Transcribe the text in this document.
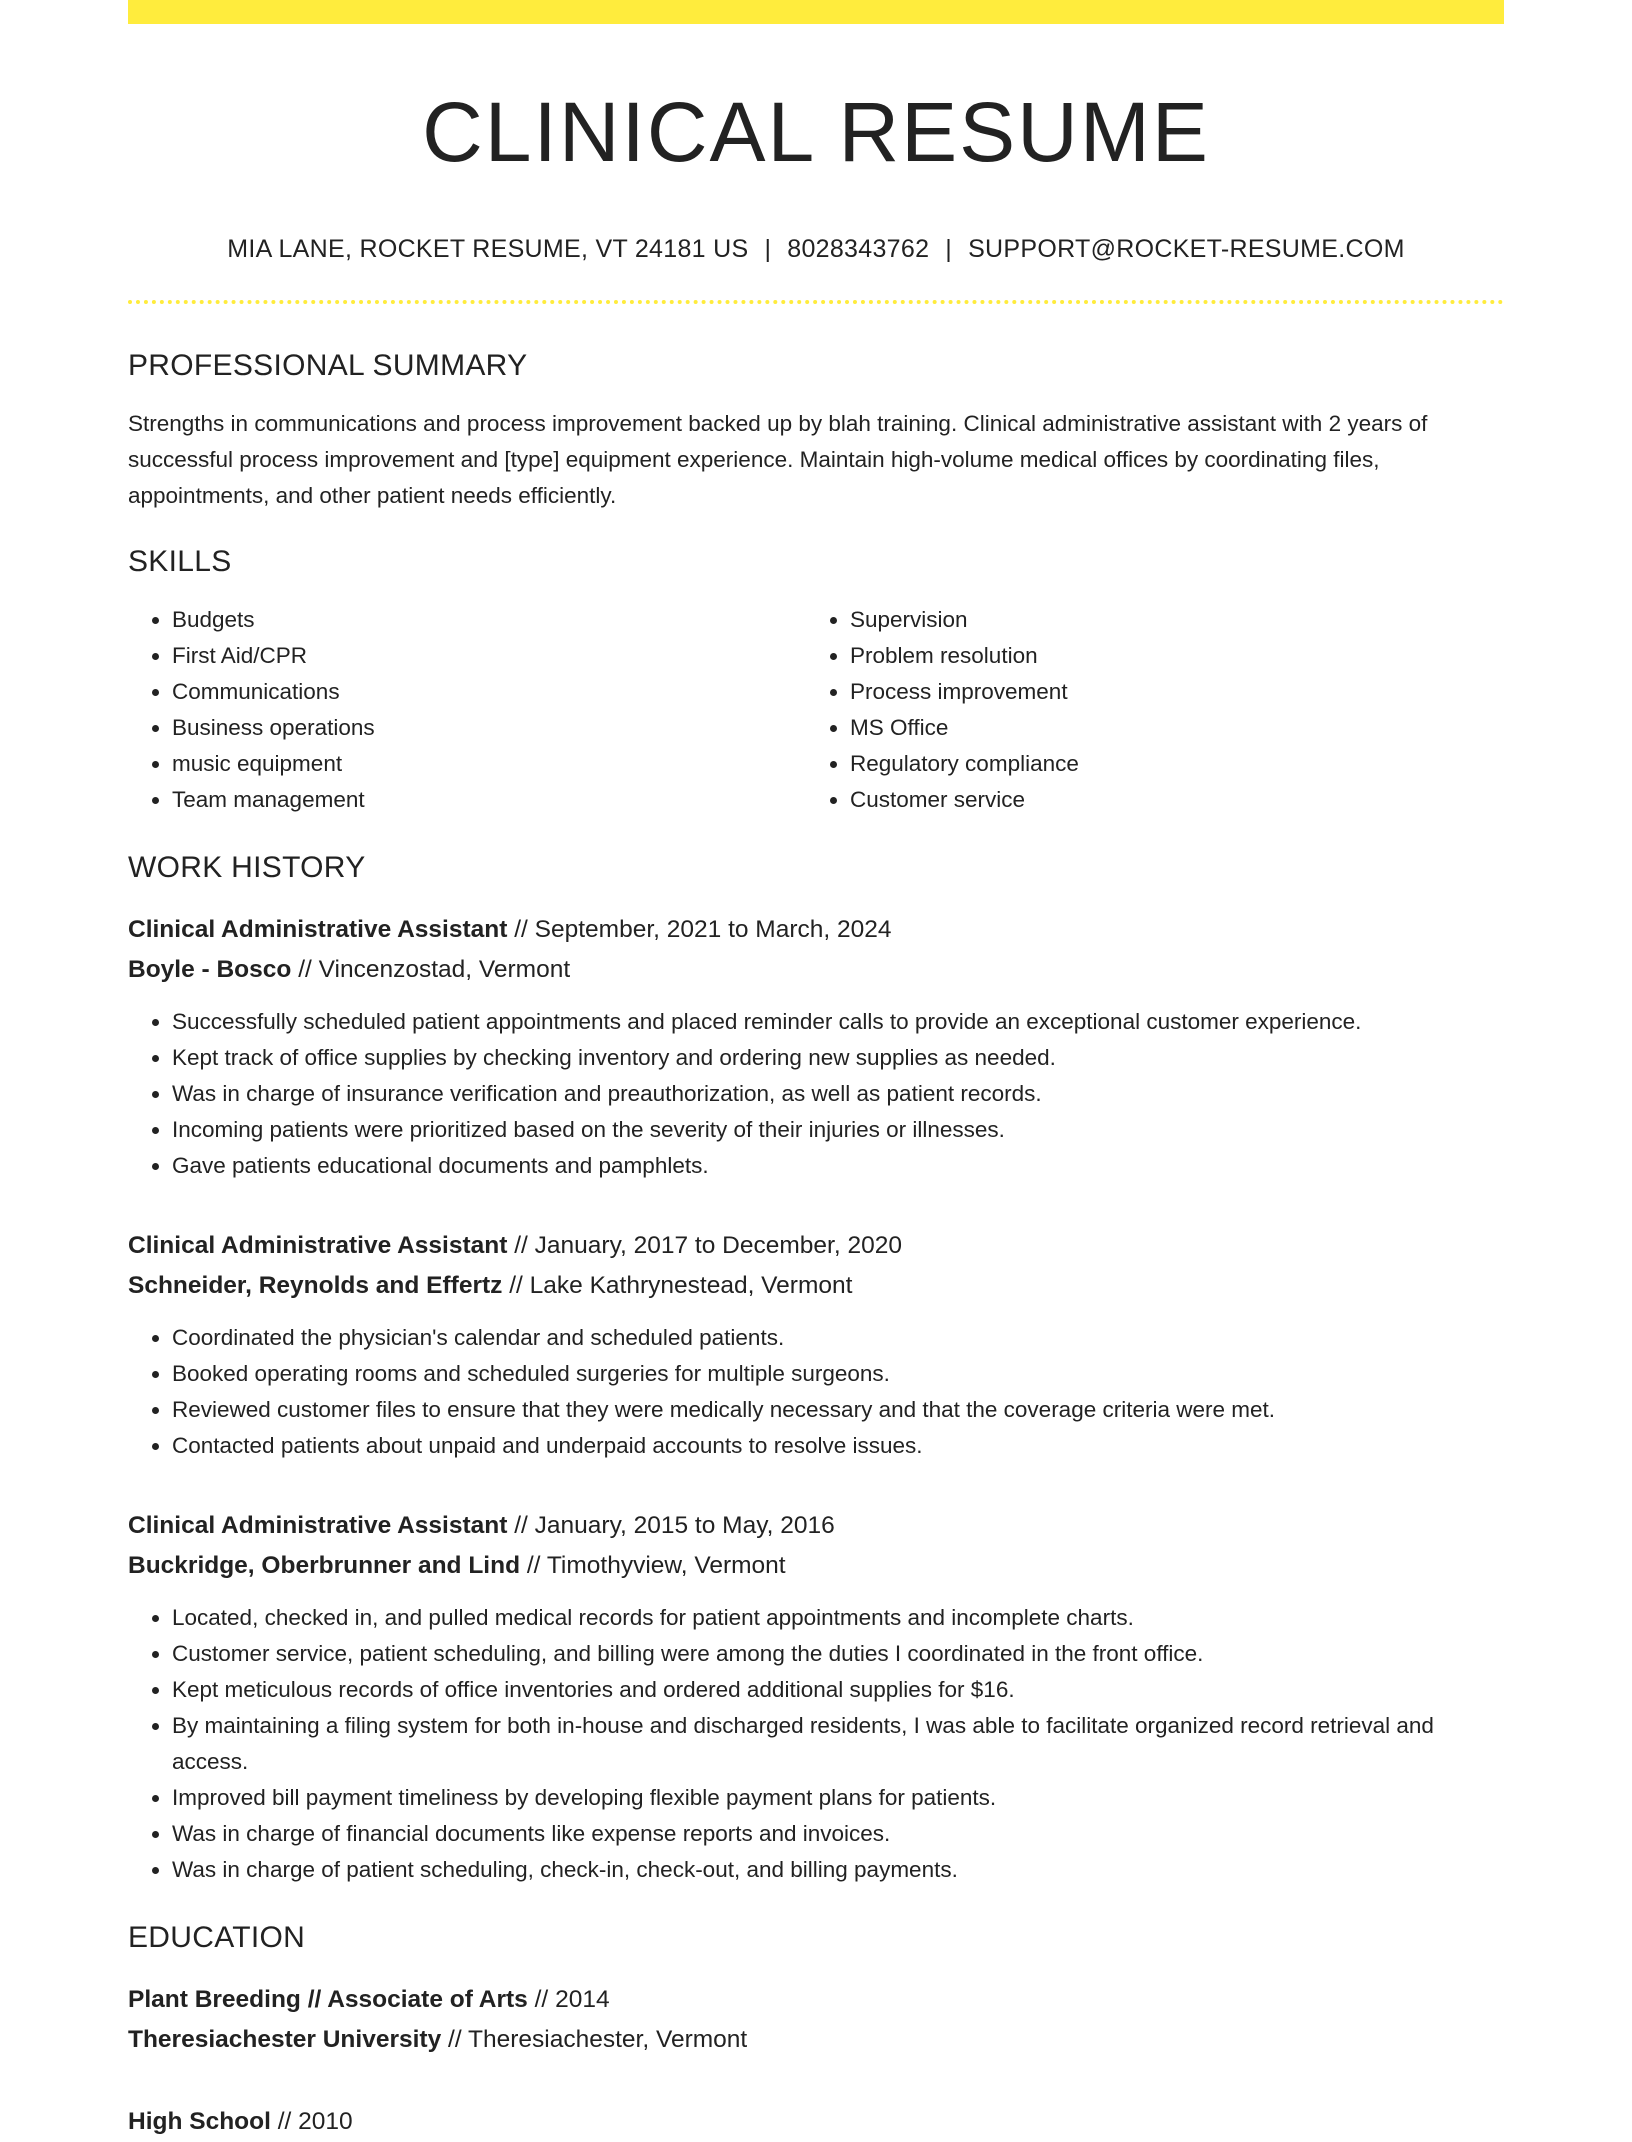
CLINICAL RESUME
MIA LANE, ROCKET RESUME, VT 24181 US | 8028343762 | SUPPORT@ROCKET-RESUME.COM
PROFESSIONAL SUMMARY

Strengths in communications and process improvement backed up by blah training. Clinical administrative assistant with 2 years of successful process improvement and [type] equipment experience. Maintain high-volume medical offices by coordinating files, appointments, and other patient needs efficiently.

SKILLS
• Budgets
• First Aid/CPR
• Communications
• Business operations
• music equipment
• Team management
• Supervision
• Problem resolution
• Process improvement
• MS Office
• Regulatory compliance
• Customer service
WORK HISTORY
Clinical Administrative Assistant // September, 2021 to March, 2024
Boyle - Bosco // Vincenzostad, Vermont
• Successfully scheduled patient appointments and placed reminder calls to provide an exceptional customer experience.
• Kept track of office supplies by checking inventory and ordering new supplies as needed.
• Was in charge of insurance verification and preauthorization, as well as patient records.
• Incoming patients were prioritized based on the severity of their injuries or illnesses.
• Gave patients educational documents and pamphlets.
Clinical Administrative Assistant // January, 2017 to December, 2020
Schneider, Reynolds and Effertz // Lake Kathrynestead, Vermont
• Coordinated the physician's calendar and scheduled patients.
• Booked operating rooms and scheduled surgeries for multiple surgeons.
• Reviewed customer files to ensure that they were medically necessary and that the coverage criteria were met.
• Contacted patients about unpaid and underpaid accounts to resolve issues.
Clinical Administrative Assistant // January, 2015 to May, 2016
Buckridge, Oberbrunner and Lind // Timothyview, Vermont
• Located, checked in, and pulled medical records for patient appointments and incomplete charts.
• Customer service, patient scheduling, and billing were among the duties I coordinated in the front office.
• Kept meticulous records of office inventories and ordered additional supplies for $16.
• By maintaining a filing system for both in-house and discharged residents, I was able to facilitate organized record retrieval and access.
• Improved bill payment timeliness by developing flexible payment plans for patients.
• Was in charge of financial documents like expense reports and invoices.
• Was in charge of patient scheduling, check-in, check-out, and billing payments.
EDUCATION
Plant Breeding // Associate of Arts // 2014
Theresiachester University // Theresiachester, Vermont
High School // 2010
